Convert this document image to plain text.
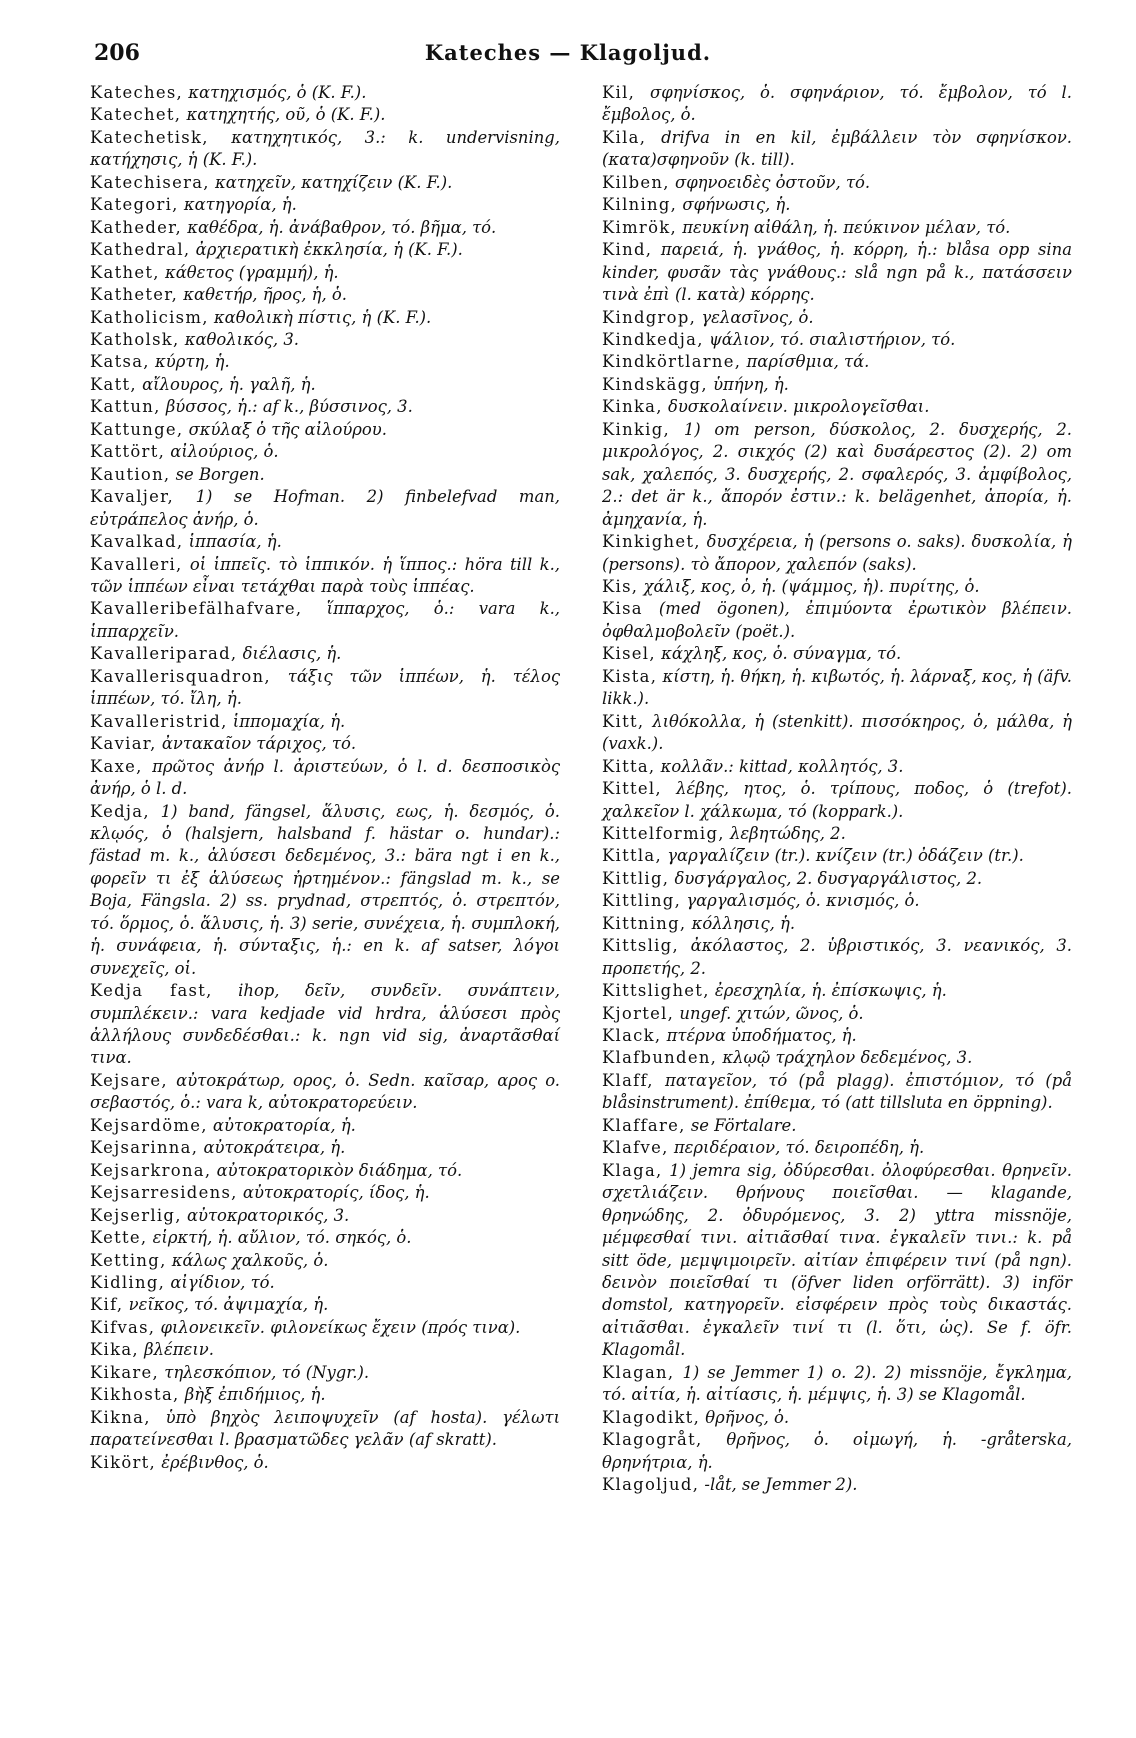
206	Kateches — Klagoljud.

Kateches, κατηχισμός, ὁ (K. F.).

Katechet, κατηχητής, οῦ, ὁ (K. F.).

Katechetisk, κατηχητικός, 3.: k. undervisning, κατήχησις, ἡ (K. F.).

Katechisera, κατηχεῖν, κατηχίζειν (K. F.).

Kategori, κατηγορία, ἡ.

Katheder, καθέδρα, ἡ. ἀνάβαθρον, τό. βῆμα, τό.

Kathedral, ἀρχιερατικὴ ἐκκλησία, ἡ (K. F.).

Kathet, κάθετος (γραμμή), ἡ.

Katheter, καθετήρ, ῆρος, ἡ, ὁ.

Katholicism, καθολικὴ πίστις, ἡ (K. F.).

Katholsk, καθολικός, 3.

Katsa, κύρτη, ἡ.

Katt, αἴλουρος, ἡ. γαλῆ, ἡ.

Kattun, βύσσος, ἡ.: af k., βύσσινος, 3.

Kattunge, σκύλαξ ὁ τῆς αἰλούρου.

Kattört, αἰλούριος, ὁ.

Kaution, se Borgen.

Kavaljer, 1) se Hofman. 2) finbelefvad man, εὐτράπελος ἀνήρ, ὁ.

Kavalkad, ἱππασία, ἡ.

Kavalleri, οἱ ἱππεῖς. τὸ ἱππικόν. ἡ ἵππος.: höra till k., τῶν ἱππέων εἶναι τετάχθαι παρὰ τοὺς ἱππέας.

Kavalleribefälhafvare, ἵππαρχος, ὁ.: vara k., ἱππαρχεῖν.

Kavalleriparad, διέλασις, ἡ.

Kavallerisquadron, τάξις τῶν ἱππέων, ἡ. τέλος ἱππέων, τό. ἴλη, ἡ.

Kavalleristrid, ἱππομαχία, ἡ.

Kaviar, ἀντακαῖον τάριχος, τό.

Kaxe, πρῶτος ἀνήρ l. ἀριστεύων, ὁ l. d. δεσποσικὸς ἀνήρ, ὁ l. d.

Kedja, 1) band, fängsel, ἅλυσις, εως, ἡ. δεσμός, ὁ. κλῳός, ὁ (halsjern, halsband f. hästar o. hundar).: fästad m. k., ἁλύσεσι δεδεμένος, 3.: bära ngt i en k., φορεῖν τι ἐξ ἁλύσεως ἠρτημένον.: fängslad m. k., se Boja, Fängsla. 2) ss. prydnad, στρεπτός, ὁ. στρεπτόν, τό. ὅρμος, ὁ. ἅλυσις, ἡ. 3) serie, συνέχεια, ἡ. συμπλοκή, ἡ. συνάφεια, ἡ. σύνταξις, ἡ.: en k. af satser, λόγοι συνεχεῖς, οἱ.

Kedja fast, ihop, δεῖν, συνδεῖν. συνάπτειν, συμπλέκειν.: vara kedjade vid hrdra, ἁλύσεσι πρὸς ἀλλήλους συνδεδέσθαι.: k. ngn vid sig, ἀναρτᾶσθαί τινα.

Kejsare, αὐτοκράτωρ, ορος, ὁ. Sedn. καῖσαρ, αρος o. σεβαστός, ὁ.: vara k, αὐτοκρατορεύειν.

Kejsardöme, αὐτοκρατορία, ἡ.

Kejsarinna, αὐτοκράτειρα, ἡ.

Kejsarkrona, αὐτοκρατορικὸν διάδημα, τό.

Kejsarresidens, αὐτοκρατορίς, ίδος, ἡ.

Kejserlig, αὐτοκρατορικός, 3.

Kette, εἱρκτή, ἡ. αὔλιον, τό. σηκός, ὁ.

Ketting, κάλως χαλκοῦς, ὁ.

Kidling, αἰγίδιον, τό.

Kif, νεῖκος, τό. ἀψιμαχία, ἡ.

Kifvas, φιλονεικεῖν. φιλονείκως ἔχειν (πρός τινα).

Kika, βλέπειν.

Kikare, τηλεσκόπιον, τό (Nygr.).

Kikhosta, βὴξ ἐπιδήμιος, ἡ.

Kikna, ὑπὸ βηχὸς λειποψυχεῖν (af hosta). γέλωτι παρατείνεσθαι l. βρασματῶδες γελᾶν (af skratt).

Kikört, ἐρέβινθος, ὁ.

Kil, σφηνίσκος, ὁ. σφηνάριον, τό. ἔμβολον, τό l. ἔμβολος, ὁ.

Kila, drifva in en kil, ἐμβάλλειν τὸν σφηνίσκον. (κατα)σφηνοῦν (k. till).

Kilben, σφηνοειδὲς ὀστοῦν, τό.

Kilning, σφήνωσις, ἡ.

Kimrök, πευκίνη αἰθάλη, ἡ. πεύκινον μέλαν, τό.

Kind, παρειά, ἡ. γνάθος, ἡ. κόρρη, ἡ.: blåsa opp sina kinder, φυσᾶν τὰς γνάθους.: slå ngn på k., πατάσσειν τινὰ ἐπὶ (l. κατὰ) κόρρης.

Kindgrop, γελασῖνος, ὁ.

Kindkedja, ψάλιον, τό. σιαλιστήριον, τό.

Kindkörtlarne, παρίσθμια, τά.

Kindskägg, ὑπήνη, ἡ.

Kinka, δυσκολαίνειν. μικρολογεῖσθαι.

Kinkig, 1) om person, δύσκολος, 2. δυσχερής, 2. μικρολόγος, 2. σικχός (2) καὶ δυσάρεστος (2). 2) om sak, χαλεπός, 3. δυσχερής, 2. σφαλερός, 3. ἀμφίβολος, 2.: det är k., ἄπορόν ἐστιν.: k. belägenhet, ἀπορία, ἡ. ἀμηχανία, ἡ.

Kinkighet, δυσχέρεια, ἡ (persons o. saks). δυσκολία, ἡ (persons). τὸ ἄπορον, χαλεπόν (saks).

Kis, χάλιξ, κος, ὁ, ἡ. (ψάμμος, ἡ). πυρίτης, ὁ.

Kisa (med ögonen), ἐπιμύοντα ἐρωτικὸν βλέπειν. ὀφθαλμοβολεῖν (poët.).

Kisel, κάχληξ, κος, ὁ. σύναγμα, τό.

Kista, κίστη, ἡ. θήκη, ἡ. κιβωτός, ἡ. λάρναξ, κος, ἡ (äfv. likk.).

Kitt, λιθόκολλα, ἡ (stenkitt). πισσόκηρος, ὁ, μάλθα, ἡ (vaxk.).

Kitta, κολλᾶν.: kittad, κολλητός, 3.

Kittel, λέβης, ητος, ὁ. τρίπους, ποδος, ὁ (trefot). χαλκεῖον l. χάλκωμα, τό (koppark.).

Kittelformig, λεβητώδης, 2.

Kittla, γαργαλίζειν (tr.). κνίζειν (tr.) ὀδάζειν (tr.).

Kittlig, δυσγάργαλος, 2. δυσγαργάλιστος, 2.

Kittling, γαργαλισμός, ὁ. κνισμός, ὁ.

Kittning, κόλλησις, ἡ.

Kittslig, ἀκόλαστος, 2. ὑβριστικός, 3. νεανικός, 3. προπετής, 2.

Kittslighet, ἐρεσχηλία, ἡ. ἐπίσκωψις, ἡ.

Kjortel, ungef. χιτών, ῶνος, ὁ.

Klack, πτέρνα ὑποδήματος, ἡ.

Klafbunden, κλῳῷ τράχηλον δεδεμένος, 3.

Klaff, παταγεῖον, τό (på plagg). ἐπιστόμιον, τό (på blåsinstrument). ἐπίθεμα, τό (att tillsluta en öppning).

Klaffare, se Förtalare.

Klafve, περιδέραιον, τό. δειροπέδη, ἡ.

Klaga, 1) jemra sig, ὀδύρεσθαι. ὀλοφύρεσθαι. θρηνεῖν. σχετλιάζειν. θρήνους ποιεῖσθαι. — klagande, θρηνώδης, 2. ὀδυρόμενος, 3. 2) yttra missnöje, μέμφεσθαί τινι. αἰτιᾶσθαί τινα. ἐγκαλεῖν τινι.: k. på sitt öde, μεμψιμοιρεῖν. αἰτίαν ἐπιφέρειν τινί (på ngn). δεινὸν ποιεῖσθαί τι (öfver liden orförrätt). 3) inför domstol, κατηγορεῖν. εἰσφέρειν πρὸς τοὺς δικαστάς. αἰτιᾶσθαι. ἐγκαλεῖν τινί τι (l. ὅτι, ὡς). Se f. öfr. Klagomål.

Klagan, 1) se Jemmer 1) o. 2). 2) missnöje, ἔγκλημα, τό. αἰτία, ἡ. αἰτίασις, ἡ. μέμψις, ἡ. 3) se Klagomål.

Klagodikt, θρῆνος, ὁ.

Klagogråt, θρῆνος, ὁ. οἰμωγή, ἡ. -gråterska, θρηνήτρια, ἡ.

Klagoljud, -låt, se Jemmer 2).
